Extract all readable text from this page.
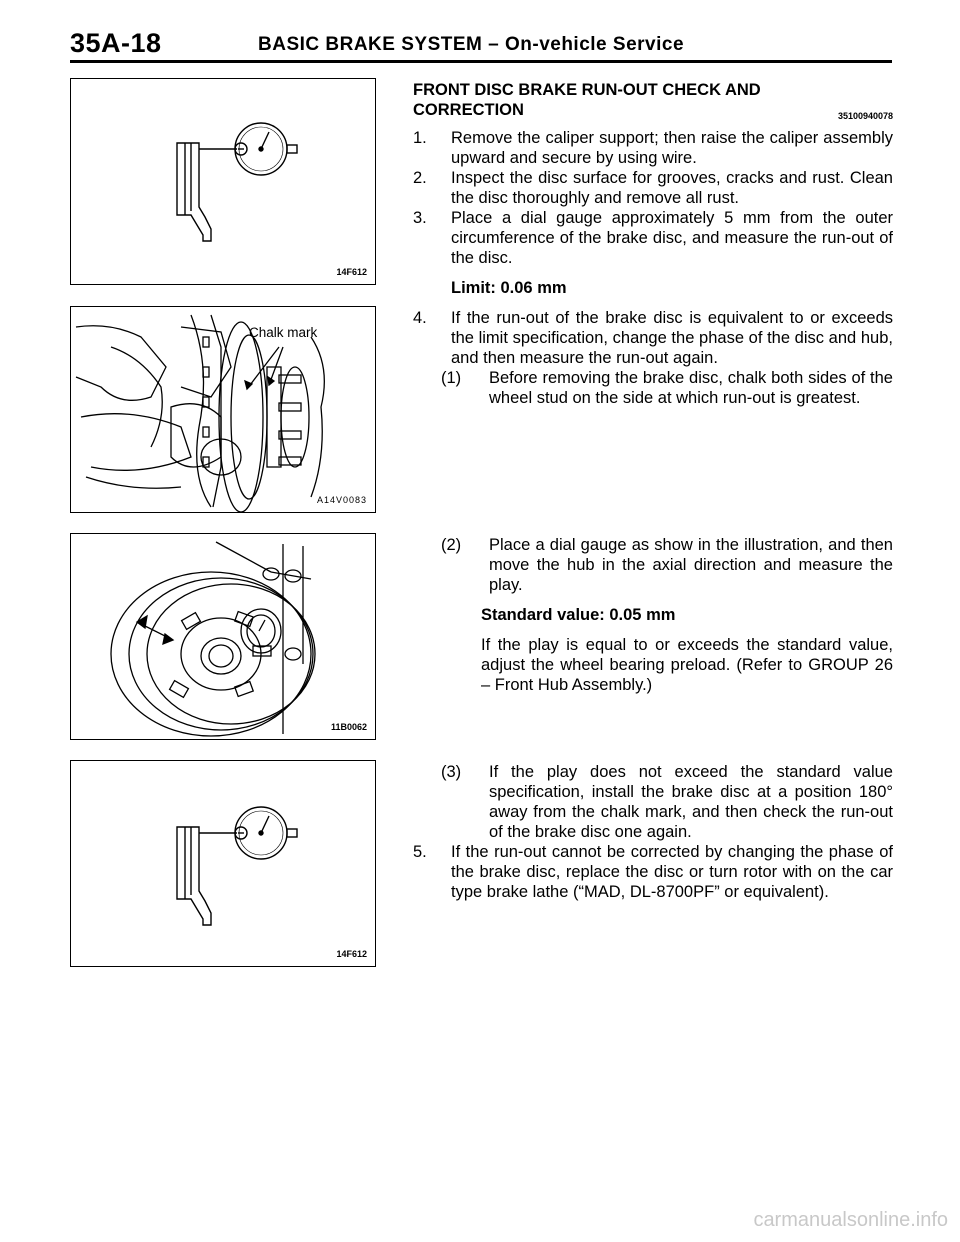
35A-18	BASIC BRAKE SYSTEM – On-vehicle Service
14F612
Chalk mark
A14V0083
11B0062
14F612
FRONT DISC BRAKE RUN-OUT CHECK AND
CORRECTION	35100940078
1. Remove the caliper support; then raise the caliper assembly upward and secure by using wire.
2. Inspect the disc surface for grooves, cracks and rust. Clean the disc thoroughly and remove all rust.
3. Place a dial gauge approximately 5 mm from the outer circumference of the brake disc, and measure the run-out of the disc.
Limit: 0.06 mm
4. If the run-out of the brake disc is equivalent to or exceeds the limit specification, change the phase of the disc and hub, and then measure the run-out again.
(1) Before removing the brake disc, chalk both sides of the wheel stud on the side at which run-out is greatest.
(2) Place a dial gauge as show in the illustration, and then move the hub in the axial direction and measure the play.
Standard value: 0.05 mm
If the play is equal to or exceeds the standard value, adjust the wheel bearing preload. (Refer to GROUP 26 – Front Hub Assembly.)
(3) If the play does not exceed the standard value specification, install the brake disc at a position 180° away from the chalk mark, and then check the run-out of the brake disc one again.
5. If the run-out cannot be corrected by changing the phase of the brake disc, replace the disc or turn rotor with on the car type brake lathe (“MAD, DL-8700PF” or equivalent).
carmanualsonline.info
